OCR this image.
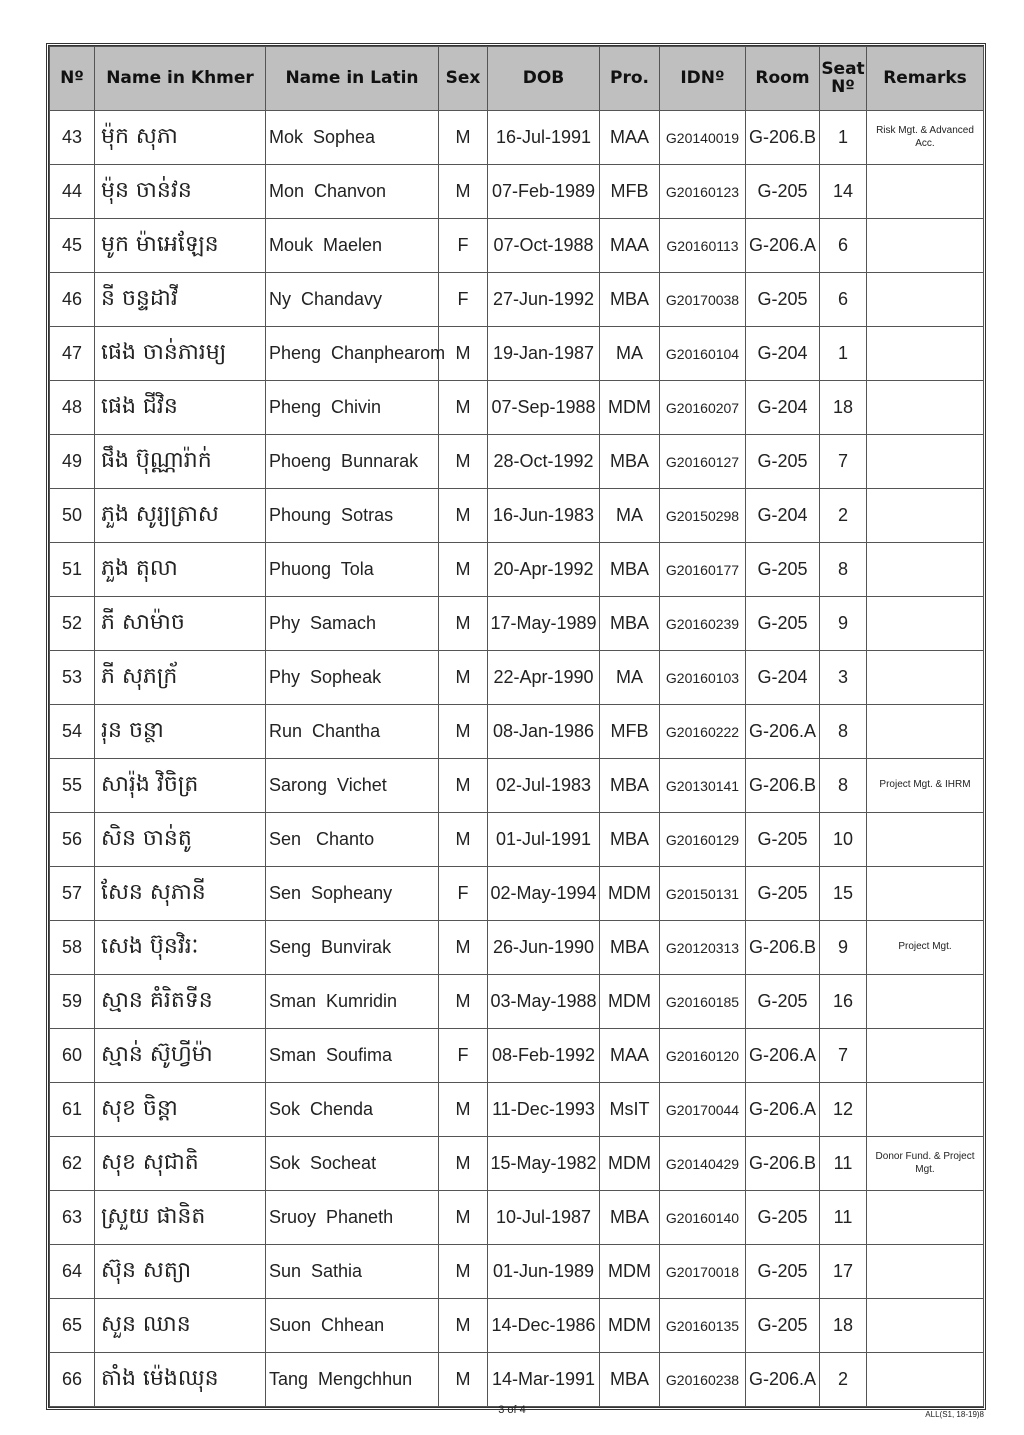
Nº	Name in Khmer	Name in Latin	Sex	DOB	Pro.	IDNº	Room	Seat Nº	Remarks
43	ម៉ុក សុភា	Mok  Sophea	M	16-Jul-1991	MAA	G20140019	G-206.B	1	Risk Mgt. & Advanced Acc.
44	ម៉ុន ចាន់វន	Mon  Chanvon	M	07-Feb-1989	MFB	G20160123	G-205	14	
45	មូក ម៉ាអេឡែន	Mouk  Maelen	F	07-Oct-1988	MAA	G20160113	G-206.A	6	
46	នី ចន្ទដាវី	Ny  Chandavy	F	27-Jun-1992	MBA	G20170038	G-205	6	
47	ផេង ចាន់ភារម្យ	Pheng  Chanphearom	M	19-Jan-1987	MA	G20160104	G-204	1	
48	ផេង ជីវិន	Pheng  Chivin	M	07-Sep-1988	MDM	G20160207	G-204	18	
49	ផឹង ប៊ុណ្ណារ៉ាក់	Phoeng  Bunnarak	M	28-Oct-1992	MBA	G20160127	G-205	7	
50	ភួង សូរ្យត្រាស	Phoung  Sotras	M	16-Jun-1983	MA	G20150298	G-204	2	
51	ភួង តុលា	Phuong  Tola	M	20-Apr-1992	MBA	G20160177	G-205	8	
52	ភី សាម៉ាច	Phy  Samach	M	17-May-1989	MBA	G20160239	G-205	9	
53	ភី សុភក្រ័	Phy  Sopheak	M	22-Apr-1990	MA	G20160103	G-204	3	
54	រុន ចន្ថា	Run  Chantha	M	08-Jan-1986	MFB	G20160222	G-206.A	8	
55	សារ៉ុង វិចិត្រ	Sarong  Vichet	M	02-Jul-1983	MBA	G20130141	G-206.B	8	Project Mgt. & IHRM
56	សិន ចាន់តូ	Sen   Chanto	M	01-Jul-1991	MBA	G20160129	G-205	10	
57	សែន សុភានី	Sen  Sopheany	F	02-May-1994	MDM	G20150131	G-205	15	
58	សេង ប៊ុនវិរៈ	Seng  Bunvirak	M	26-Jun-1990	MBA	G20120313	G-206.B	9	Project Mgt.
59	ស្មាន គំរិតទីន	Sman  Kumridin	M	03-May-1988	MDM	G20160185	G-205	16	
60	ស្មាន់ ស៊ូហ្វីម៉ា	Sman  Soufima	F	08-Feb-1992	MAA	G20160120	G-206.A	7	
61	សុខ ចិន្ដា	Sok  Chenda	M	11-Dec-1993	MsIT	G20170044	G-206.A	12	
62	សុខ សុជាតិ	Sok  Socheat	M	15-May-1982	MDM	G20140429	G-206.B	11	Donor Fund. & Project Mgt.
63	ស្រួយ ផានិត	Sruoy  Phaneth	M	10-Jul-1987	MBA	G20160140	G-205	11	
64	ស៊ុន សត្យា	Sun  Sathia	M	01-Jun-1989	MDM	G20170018	G-205	17	
65	សួន ឈាន	Suon  Chhean	M	14-Dec-1986	MDM	G20160135	G-205	18	
66	តាំង ម៉េងឈុន	Tang  Mengchhun	M	14-Mar-1991	MBA	G20160238	G-206.A	2	
3 of 4	ALL(S1, 18-19)8
